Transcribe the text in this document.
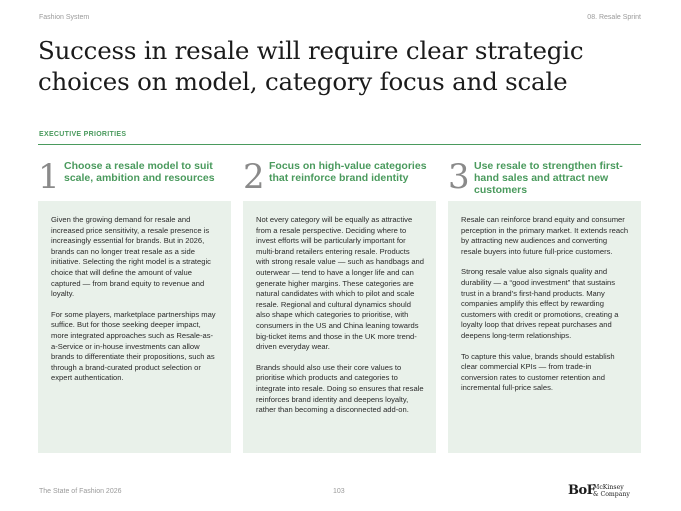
Fashion System	08. Resale Sprint
Success in resale will require clear strategic choices on model, category focus and scale
EXECUTIVE PRIORITIES
1 Choose a resale model to suit scale, ambition and resources

Given the growing demand for resale and increased price sensitivity, a resale presence is increasingly essential for brands. But in 2026, brands can no longer treat resale as a side initiative. Selecting the right model is a strategic choice that will define the amount of value captured — from brand equity to revenue and loyalty.

For some players, marketplace partnerships may suffice. But for those seeking deeper impact, more integrated approaches such as Resale-as-a-Service or in-house investments can allow brands to differentiate their propositions, such as through a brand-curated product selection or expert authentication.

2 Focus on high-value categories that reinforce brand identity

Not every category will be equally as attractive from a resale perspective. Deciding where to invest efforts will be particularly important for multi-brand retailers entering resale. Products with strong resale value — such as handbags and outerwear — tend to have a longer life and can generate higher margins. These categories are natural candidates with which to pilot and scale resale. Regional and cultural dynamics should also shape which categories to prioritise, with consumers in the US and China leaning towards big-ticket items and those in the UK more trend-driven everyday wear.

Brands should also use their core values to prioritise which products and categories to integrate into resale. Doing so ensures that resale reinforces brand identity and deepens loyalty, rather than becoming a disconnected add-on.

3 Use resale to strengthen first-hand sales and attract new customers

Resale can reinforce brand equity and consumer perception in the primary market. It extends reach by attracting new audiences and converting resale buyers into future full-price customers.

Strong resale value also signals quality and durability — a “good investment” that sustains trust in a brand’s first-hand products. Many companies amplify this effect by rewarding customers with credit or promotions, creating a loyalty loop that drives repeat purchases and deepens long-term relationships.

To capture this value, brands should establish clear commercial KPIs — from trade-in conversion rates to customer retention and incremental full-price sales.

The State of Fashion 2026	103	BoF
McKinsey
& Company
